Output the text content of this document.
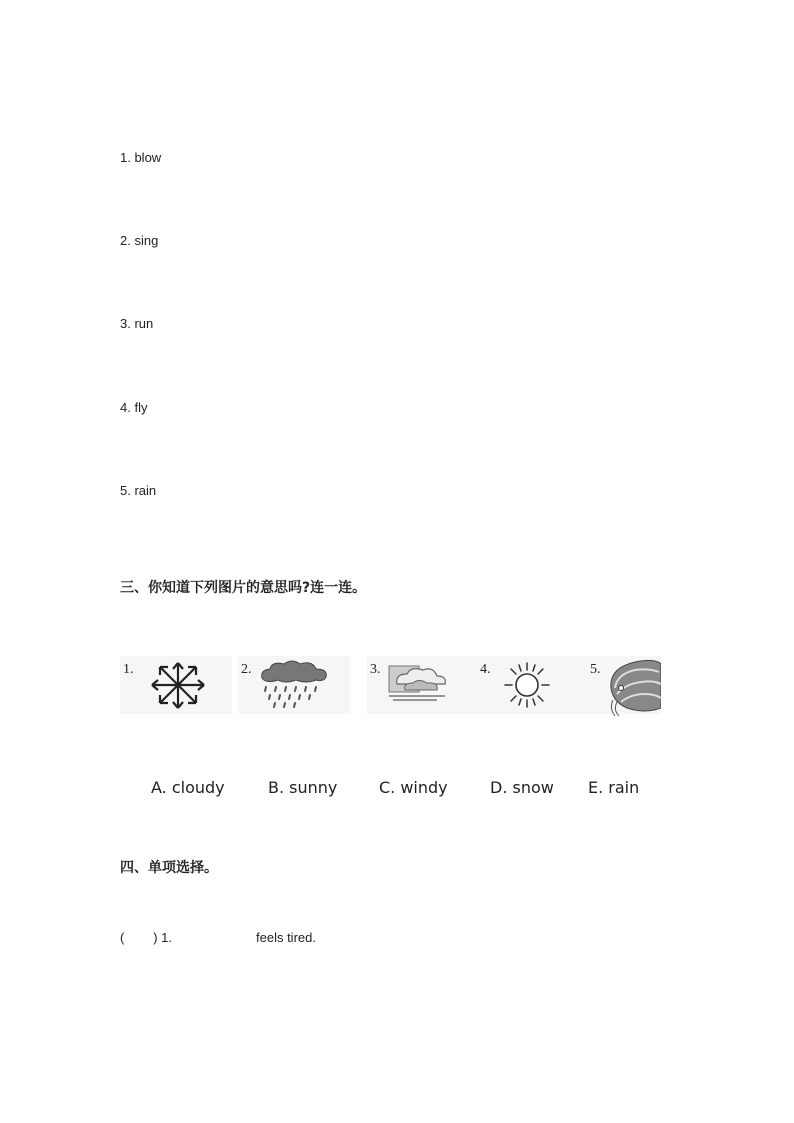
1. blow
2. sing
3. run
4. fly
5. rain
三、你知道下列图片的意思吗?连一连。
1.	2.	3.	4.	5.
A. cloudy	B. sunny	C. windy	D. snow E. rain
四、单项选择。
(        ) 1.	feels tired.
